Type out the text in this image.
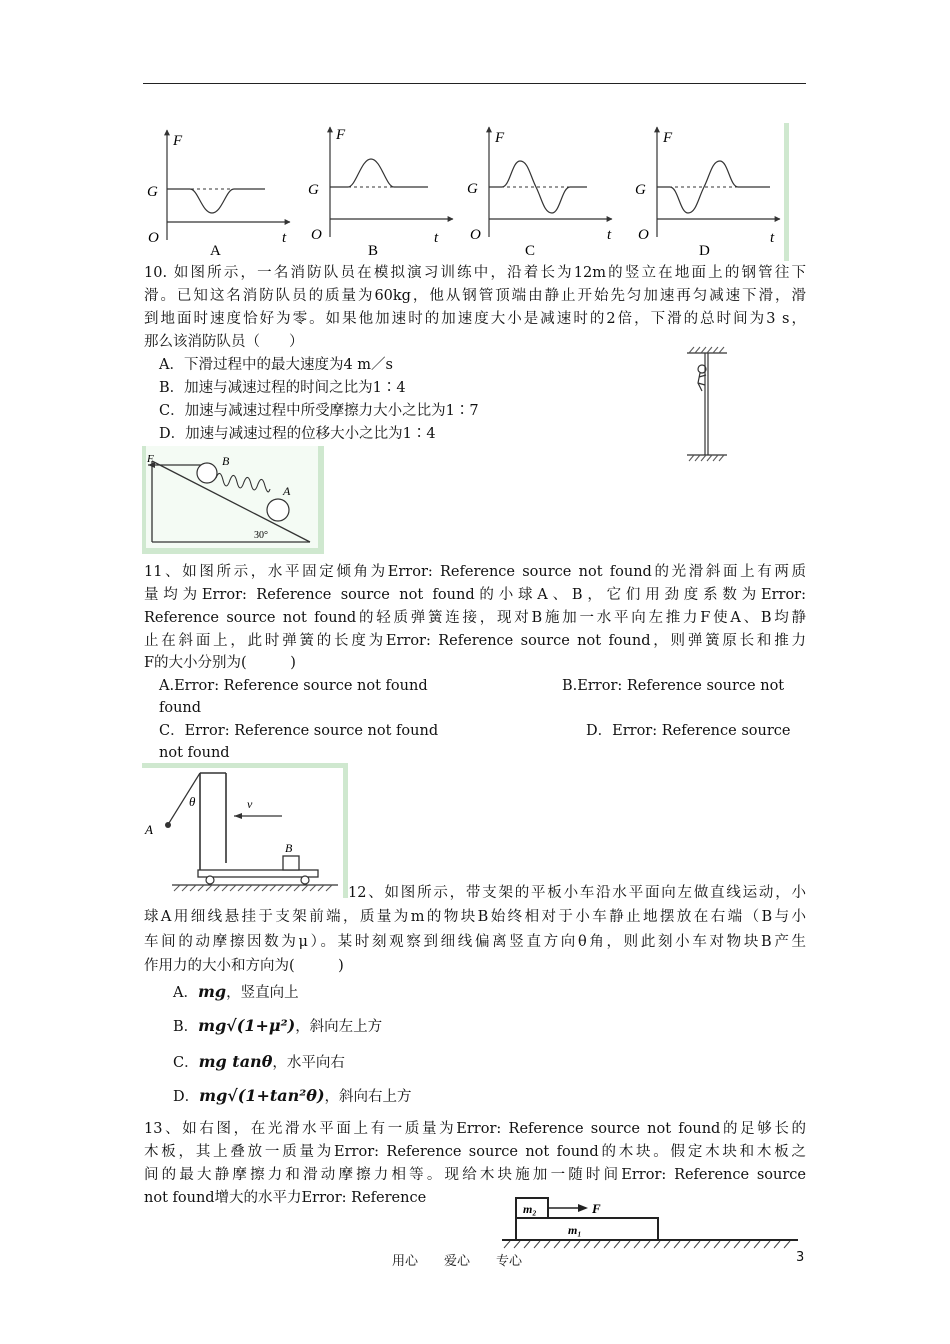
F
G
O	t
A
F
G
O	t
B
F
G
O	t
C
F
G
O	t
D
10. 如图所示，一名消防队员在模拟演习训练中，沿着长为12m的竖立在地面上的钢管往下
滑。已知这名消防队员的质量为60kg，他从钢管顶端由静止开始先匀加速再匀减速下滑，滑
到地面时速度恰好为零。如果他加速时的加速度大小是减速时的2倍，下滑的总时间为3 s，
那么该消防队员（　　）
A．下滑过程中的最大速度为4 m／s
B．加速与减速过程的时间之比为1∶4
C．加速与减速过程中所受摩擦力大小之比为1∶7
D．加速与减速过程的位移大小之比为1∶4
F	B
A
30°
11、如图所示，水平固定倾角为Error: Reference source not found的光滑斜面上有两质
量均为Error: Reference source not found的小球A、B，它们用劲度系数为Error:
Reference source not found的轻质弹簧连接，现对B施加一水平向左推力F使A、B均静
止在斜面上，此时弹簧的长度为Error: Reference source not found，则弹簧原长和推力
F的大小分别为(　　　)
A.Error: Reference source not found	B.Error: Reference source not
found
C．Error: Reference source not found	D．Error: Reference source
not found
A
θ	v
B
12、如图所示，带支架的平板小车沿水平面向左做直线运动，小
球A用细线悬挂于支架前端，质量为m的物块B始终相对于小车静止地摆放在右端（B与小
车间的动摩擦因数为μ）。某时刻观察到细线偏离竖直方向θ角，则此刻小车对物块B产生
作用力的大小和方向为(　　　)
A．mg，竖直向上
B．mg√(1+μ²)，斜向左上方
C．mg tanθ，水平向右
D．mg√(1+tan²θ)，斜向右上方
13、如右图，在光滑水平面上有一质量为Error: Reference source not found的足够长的
木板，其上叠放一质量为Error: Reference source not found的木块。假定木块和木板之
间的最大静摩擦力和滑动摩擦力相等。现给木块施加一随时间Error: Reference source
not found增大的水平力Error: Reference
m₂	F
m₁
用心　　爱心　　专心	3
